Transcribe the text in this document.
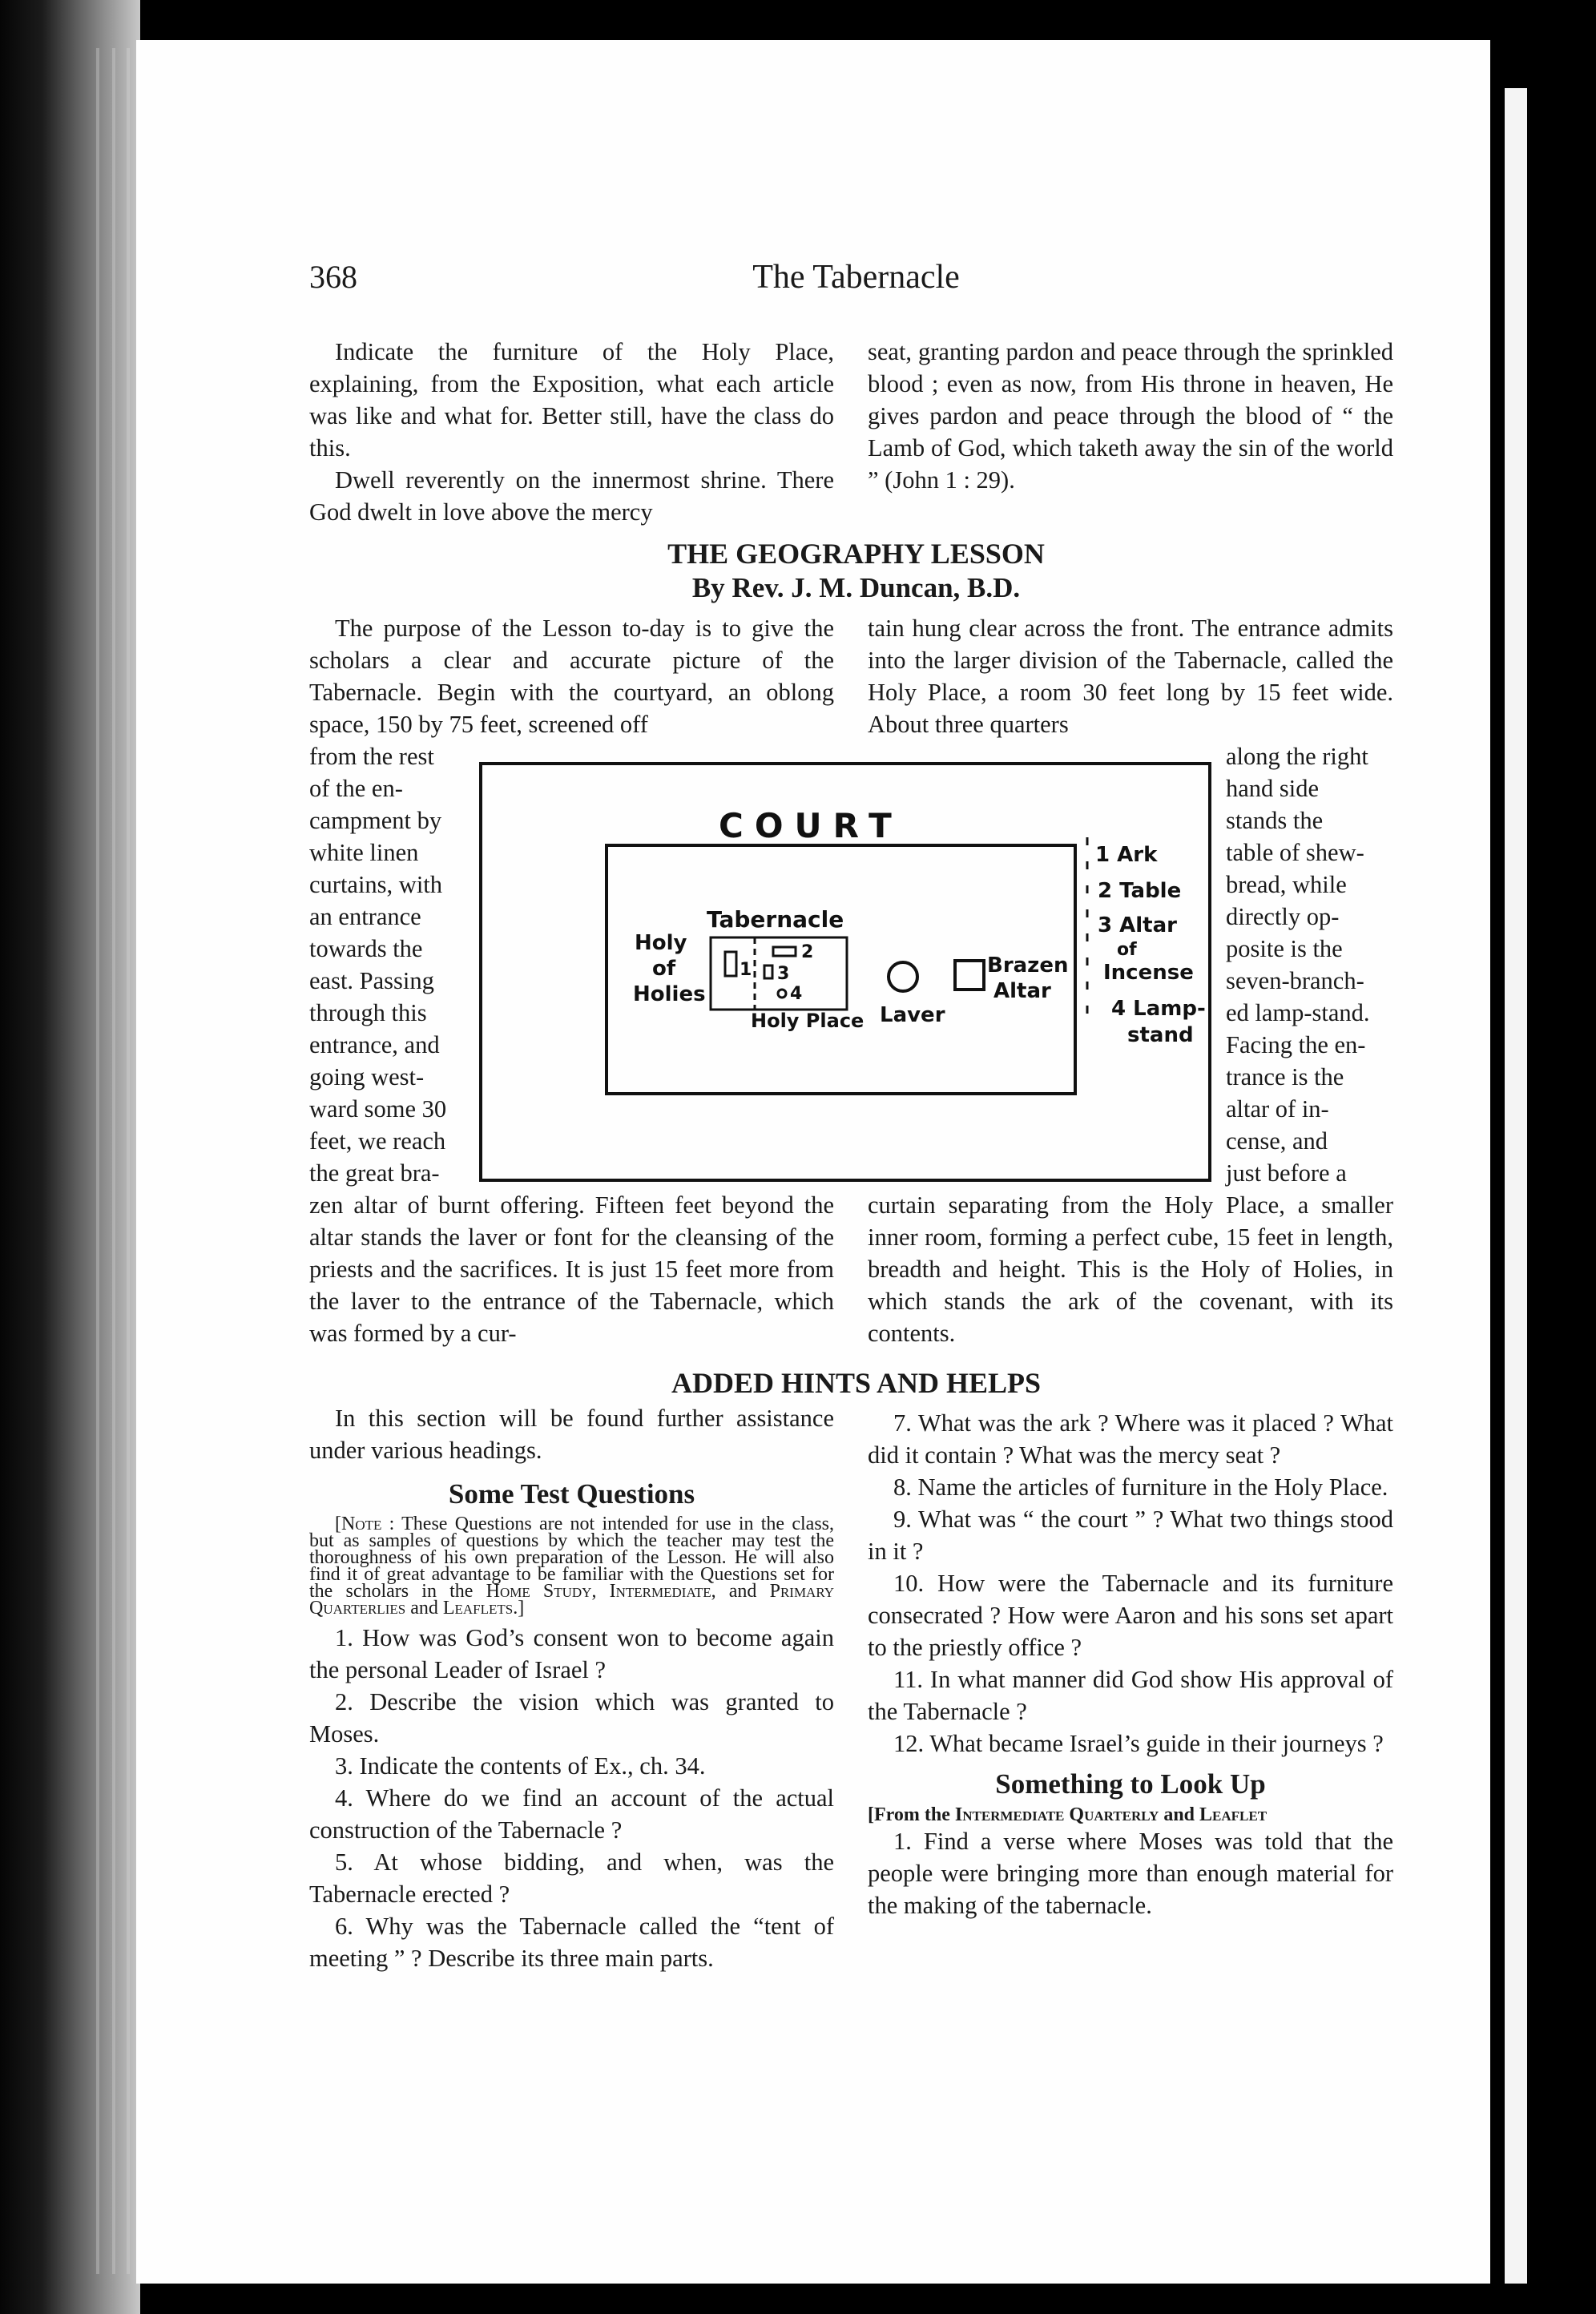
368	The Tabernacle

Indicate the furniture of the Holy Place, explaining, from the Exposition, what each article was like and what for. Better still, have the class do this.

Dwell reverently on the innermost shrine. There God dwelt in love above the mercy

seat, granting pardon and peace through the sprinkled blood ; even as now, from His throne in heaven, He gives pardon and peace through the blood of “ the Lamb of God, which taketh away the sin of the world ” (John 1 : 29).

THE GEOGRAPHY LESSON
By Rev. J. M. Duncan, B.D.

The purpose of the Lesson to-day is to give the scholars a clear and accurate picture of the Tabernacle. Begin with the courtyard, an oblong space, 150 by 75 feet, screened off

from the rest
of the en-
campment by
white linen
curtains, with
an entrance
towards the
east. Passing
through this
entrance, and
going west-
ward some 30
feet, we reach
the great bra-

zen altar of burnt offering. Fifteen feet beyond the altar stands the laver or font for the cleansing of the priests and the sacrifices. It is just 15 feet more from the laver to the entrance of the Tabernacle, which was formed by a cur-

tain hung clear across the front. The entrance admits into the larger division of the Tabernacle, called the Holy Place, a room 30 feet long by 15 feet wide. About three quarters

along the right
hand side
stands the
table of shew-
bread, while
directly op-
posite is the
seven-branch-
ed lamp-stand.
Facing the en-
trance is the
altar of in-
cense, and
just before a

curtain separating from the Holy Place, a smaller inner room, forming a perfect cube, 15 feet in length, breadth and height. This is the Holy of Holies, in which stands the ark of the covenant, with its contents.

COURT
Tabernacle
Holy
of
Holies
1
2
3
4
Holy Place Laver
Brazen
Altar
1 Ark
2 Table
3 Altar
of
Incense
4 Lamp-
stand
ADDED HINTS AND HELPS

In this section will be found further assistance under various headings.

Some Test Questions

[Note : These Questions are not intended for use in the class, but as samples of questions by which the teacher may test the thoroughness of his own preparation of the Lesson. He will also find it of great advantage to be familiar with the Questions set for the scholars in the Home Study, Intermediate, and Primary Quarterlies and Leaflets.]

1. How was God’s consent won to become again the personal Leader of Israel ?

2. Describe the vision which was granted to Moses.

3. Indicate the contents of Ex., ch. 34.

4. Where do we find an account of the actual construction of the Tabernacle ?

5. At whose bidding, and when, was the Tabernacle erected ?

6. Why was the Tabernacle called the “tent of meeting ” ? Describe its three main parts.

7. What was the ark ? Where was it placed ? What did it contain ? What was the mercy seat ?

8. Name the articles of furniture in the Holy Place.

9. What was “ the court ” ? What two things stood in it ?

10. How were the Tabernacle and its furniture consecrated ? How were Aaron and his sons set apart to the priestly office ?

11. In what manner did God show His approval of the Tabernacle ?

12. What became Israel’s guide in their journeys ?

Something to Look Up

[From the Intermediate Quarterly and Leaflet

1. Find a verse where Moses was told that the people were bringing more than enough material for the making of the tabernacle.
